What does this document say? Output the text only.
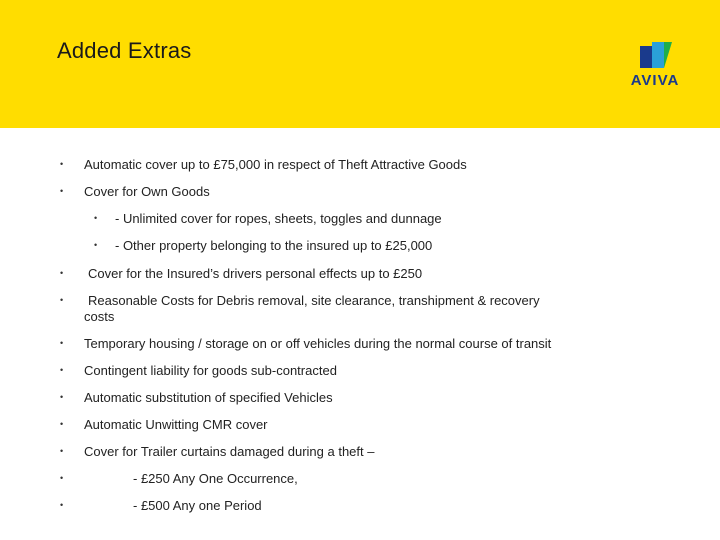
Added Extras
AVIVA
• Automatic cover up to £75,000 in respect of Theft Attractive Goods
• Cover for Own Goods
• - Unlimited cover for ropes, sheets, toggles and dunnage
• - Other property belonging to the insured up to £25,000
• Cover for the Insured’s drivers personal effects up to £250
• Reasonable Costs for Debris removal, site clearance, transhipment & recovery
costs
• Temporary housing / storage on or off vehicles during the normal course of transit
• Contingent liability for goods sub-contracted
• Automatic substitution of specified Vehicles
• Automatic Unwitting CMR cover
• Cover for Trailer curtains damaged during a theft –
•	- £250 Any One Occurrence,
•	- £500 Any one Period
